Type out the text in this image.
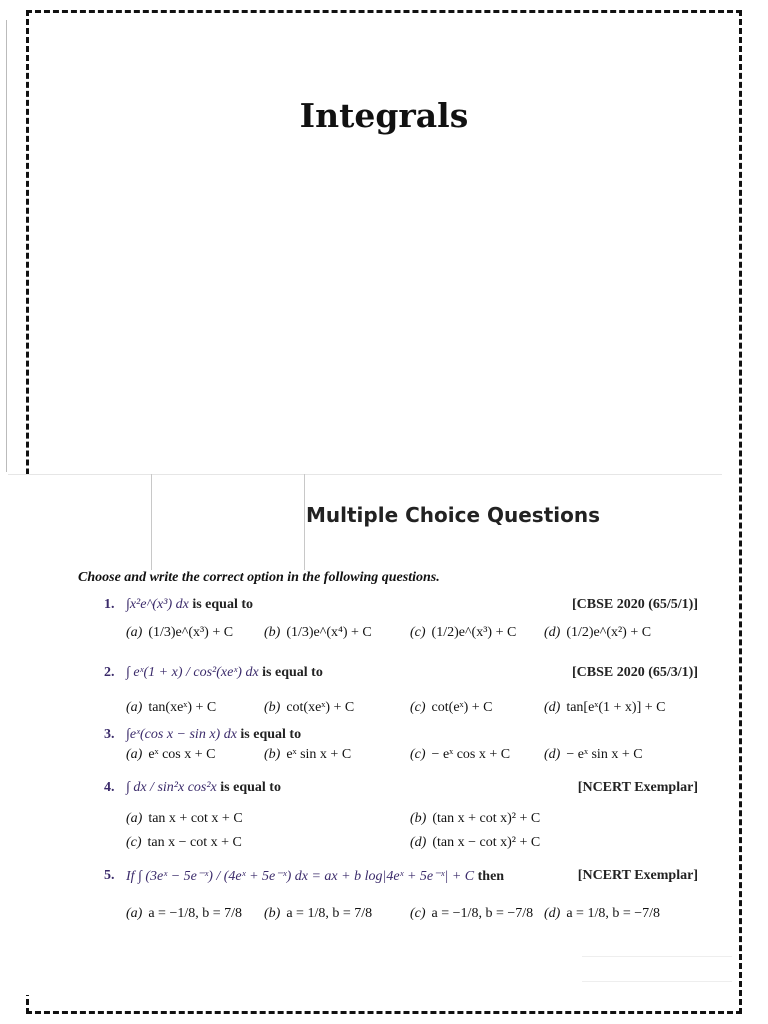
Integrals
Multiple Choice Questions
Choose and write the correct option in the following questions.
1. ∫x²e^(x³) dx is equal to	[CBSE 2020 (65/5/1)]
(a) (1/3)e^(x³) + C (b) (1/3)e^(x⁴) + C	(c) (1/2)e^(x³) + C (d) (1/2)e^(x²) + C
2. ∫ eˣ(1 + x) / cos²(xeˣ) dx is equal to	[CBSE 2020 (65/3/1)]
(a) tan(xeˣ) + C	(b) cot(xeˣ) + C	(c) cot(eˣ) + C	(d) tan[eˣ(1 + x)] + C
3. ∫eˣ(cos x − sin x) dx is equal to
(a) eˣ cos x + C	(b) eˣ sin x + C	(c) − eˣ cos x + C (d) − eˣ sin x + C
4. ∫ dx / sin²x cos²x is equal to	[NCERT Exemplar]
(a) tan x + cot x + C	(b) (tan x + cot x)² + C
(c) tan x − cot x + C	(d) (tan x − cot x)² + C
5. If ∫ (3eˣ − 5e⁻ˣ) / (4eˣ + 5e⁻ˣ) dx = ax + b log|4eˣ + 5e⁻ˣ| + C then	[NCERT Exemplar]
(a) a = −1/8, b = 7/8 (b) a = 1/8, b = 7/8	(c) a = −1/8, b = −7/8 (d) a = 1/8, b = −7/8
